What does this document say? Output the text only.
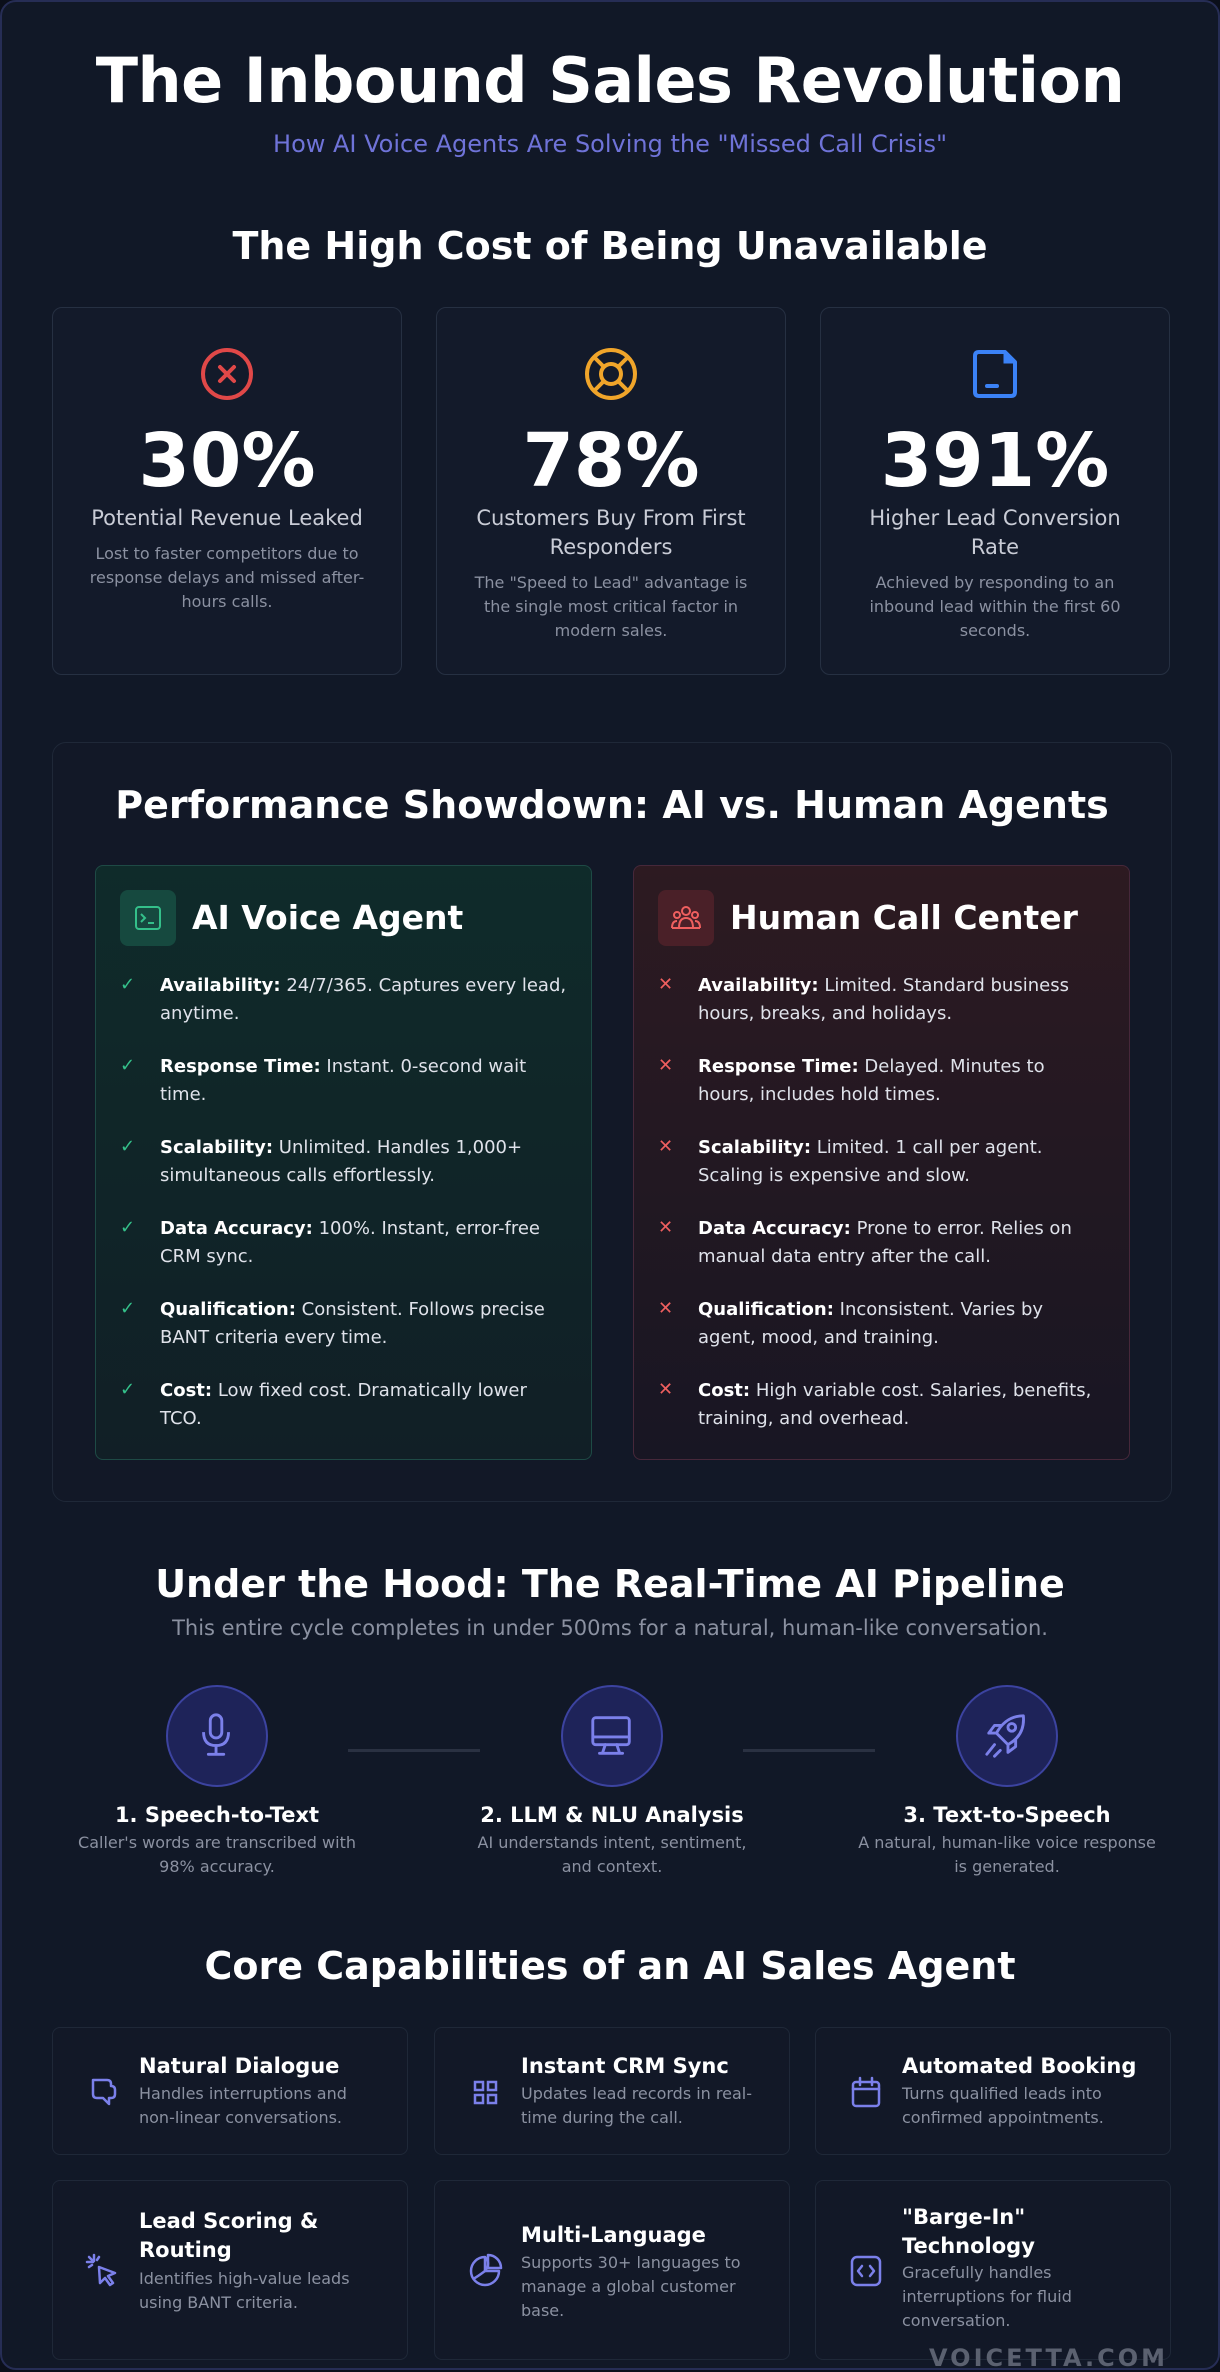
The Inbound Sales Revolution
How AI Voice Agents Are Solving the "Missed Call Crisis"
The High Cost of Being Unavailable
30%
Potential Revenue Leaked
Lost to faster competitors due to response delays and missed after-hours calls.
78%
Customers Buy From First Responders
The "Speed to Lead" advantage is the single most critical factor in modern sales.
391%
Higher Lead Conversion Rate
Achieved by responding to an inbound lead within the first 60 seconds.
Performance Showdown: AI vs. Human Agents
AI Voice Agent
✓ Availability: 24/7/365. Captures every lead, anytime.
✓ Response Time: Instant. 0-second wait time.
✓ Scalability: Unlimited. Handles 1,000+ simultaneous calls effortlessly.
✓ Data Accuracy: 100%. Instant, error-free CRM sync.
✓ Qualification: Consistent. Follows precise BANT criteria every time.
✓ Cost: Low fixed cost. Dramatically lower TCO.
Human Call Center
✕ Availability: Limited. Standard business hours, breaks, and holidays.
✕ Response Time: Delayed. Minutes to hours, includes hold times.
✕ Scalability: Limited. 1 call per agent. Scaling is expensive and slow.
✕ Data Accuracy: Prone to error. Relies on manual data entry after the call.
✕ Qualification: Inconsistent. Varies by agent, mood, and training.
✕ Cost: High variable cost. Salaries, benefits, training, and overhead.
Under the Hood: The Real-Time AI Pipeline
This entire cycle completes in under 500ms for a natural, human-like conversation.
1. Speech-to-Text
Caller's words are transcribed with 98% accuracy.
2. LLM & NLU Analysis
AI understands intent, sentiment, and context.
3. Text-to-Speech
A natural, human-like voice response is generated.
Core Capabilities of an AI Sales Agent
Natural Dialogue
Handles interruptions and non-linear conversations.
Instant CRM Sync
Updates lead records in real-time during the call.
Automated Booking
Turns qualified leads into confirmed appointments.
Lead Scoring & Routing
Identifies high-value leads using BANT criteria.
Multi-Language
Supports 30+ languages to manage a global customer base.
"Barge-In" Technology
Gracefully handles interruptions for fluid conversation.
VOICETTA.COM
